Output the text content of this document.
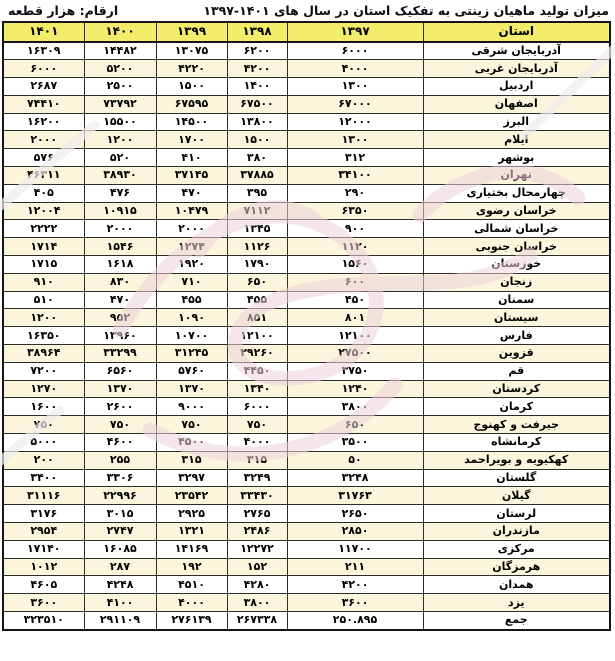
میزان تولید ماهیان زینتی به تفکیک استان در سال های ۱۴۰۱-۱۳۹۷
ارقام: هزار قطعه
استان	۱۳۹۷	۱۳۹۸	۱۳۹۹	۱۴۰۰	۱۴۰۱
آذربایجان شرقی	۶۰۰۰	۶۲۰۰	۱۳۰۷۵	۱۴۴۸۲	۱۶۳۰۹
آذربایجان غربی	۴۰۰۰	۴۲۰۰	۴۲۲۰	۵۲۰۰	۶۰۰۰
اردبیل	۱۳۰۰	۱۴۰۰	۱۵۰۰	۲۵۰۰	۲۶۸۷
اصفهان	۶۷۰۰۰	۶۷۵۰۰	۶۷۵۹۵	۷۳۷۹۲	۷۴۴۱۰
البرز	۱۲۰۰۰	۱۳۸۰۰	۱۴۵۰۰	۱۵۵۰۰	۱۶۲۰۰
ایلام	۱۳۰۰	۱۵۰۰	۱۷۰۰	۱۲۰۰	۲۰۰۰
بوشهر	۳۱۲	۳۸۰	۴۱۰	۵۲۰	۵۷۶
تهران	۳۴۱۰۰	۳۷۸۸۵	۳۷۱۴۵	۳۸۹۳۰	۴۶۳۱۱
چهارمحال بختیاری	۲۹۰	۳۹۵	۴۷۰	۴۷۶	۴۰۵
خراسان رضوی	۶۳۵۰	۷۱۱۲	۱۰۴۷۹	۱۰۹۱۵	۱۲۰۰۴
خراسان شمالی	۹۰۰	۱۳۴۵	۲۰۰۰	۲۰۰۰	۲۲۲۲
خراسان جنوبی	۱۱۲۰	۱۱۲۶	۱۲۷۴	۱۵۴۶	۱۷۱۴
خوزستان	۱۵۶۰	۱۷۹۰	۱۹۲۰	۱۶۱۸	۱۷۱۵
زنجان	۶۰۰	۶۵۰	۷۱۰	۸۳۰	۹۱۰
سمنان	۴۵۰	۴۵۵	۴۵۵	۴۷۰	۵۱۰
سیستان	۸۰۱	۸۵۱	۱۰۹۰	۹۵۲	۱۲۰۰
فارس	۱۲۱۰۰	۱۲۱۰۰	۱۰۷۰۰	۱۳۹۶۰	۱۶۳۵۰
قزوین	۲۷۵۰۰	۲۹۲۶۰	۳۱۲۴۵	۳۳۲۹۹	۳۸۹۶۴
قم	۳۷۵۰	۴۴۵۰	۵۷۶۰	۶۵۶۰	۷۲۰۰
کردستان	۱۲۴۰	۱۳۴۰	۱۳۷۰	۱۳۷۰	۱۲۷۰
کرمان	۳۸۰۰	۶۰۰۰	۹۰۰۰	۲۶۰۰	۱۶۰۰
جیرفت و کهنوج	۶۵۰	۷۵۰	۷۵۰	۷۵۰	۷۵۰
کرمانشاه	۳۵۰۰	۴۰۰۰	۴۵۰۰	۴۶۰۰	۵۰۰۰
کهکیویه و بویراحمد	۵۰	۳۱۵	۳۱۵	۲۵۵	۲۰۰
گلستان	۳۲۴۸	۳۲۴۹	۳۲۹۷	۳۳۰۶	۳۴۰۰
گیلان	۳۱۷۶۳	۳۳۴۳۰	۲۳۵۴۲	۲۲۹۹۶	۳۱۱۱۶
لرستان	۲۶۵۰	۲۷۶۵	۲۹۲۵	۳۰۱۵	۳۱۷۶
مازندران	۲۸۵۰	۲۴۸۶	۱۳۲۱	۲۷۴۷	۲۹۵۴
مرکزی	۱۱۷۰۰	۱۲۲۷۲	۱۴۱۶۹	۱۶۰۸۵	۱۷۱۴۰
هرمزگان	۲۱۱	۱۵۲	۱۹۲	۲۸۷	۱۰۱۲
همدان	۴۲۰۰	۴۲۸۰	۴۵۱۰	۴۲۴۸	۴۶۰۵
یزد	۳۶۰۰	۳۸۰۰	۴۰۰۰	۴۱۰۰	۳۶۰۰
جمع	۲۵۰.۸۹۵	۲۶۷۳۳۸	۲۷۶۱۳۹	۲۹۱۱۰۹	۳۲۳۵۱۰
